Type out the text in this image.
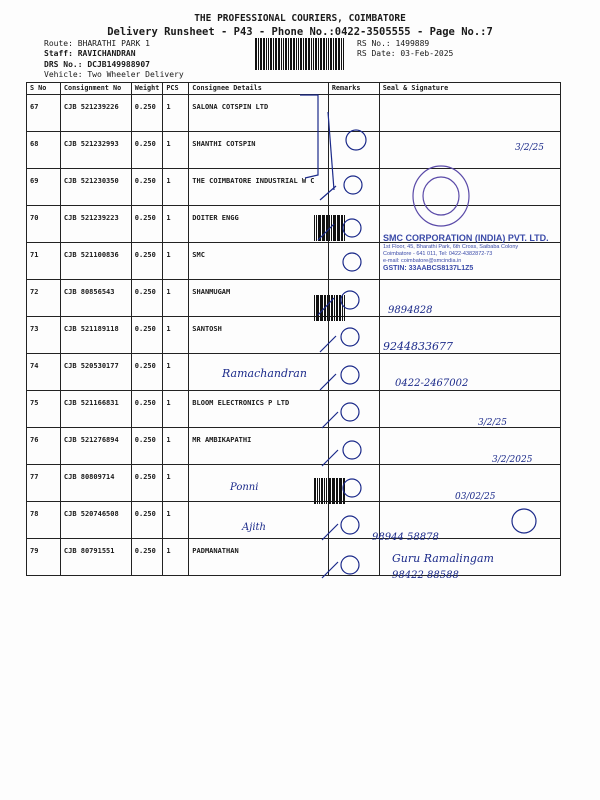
THE PROFESSIONAL COURIERS, COIMBATORE
Delivery Runsheet - P43 - Phone No.:0422-3505555 - Page No.:7
Route: BHARATHI PARK 1
Staff: RAVICHANDRAN
DRS No.: DCJB149988907
Vehicle: Two Wheeler Delivery
RS No.: 1499889
RS Date: 03-Feb-2025
S No	Consignment No	Weight	PCS	Consignee Details	Remarks	Seal & Signature
67	CJB 521239226	0.250	1	SALONA COTSPIN LTD		
68	CJB 521232993	0.250	1	SHANTHI COTSPIN		
69	CJB 521230350	0.250	1	THE COIMBATORE INDUSTRIAL W C		
70	CJB 521239223	0.250	1	DOITER ENGG		
71	CJB 521100836	0.250	1	SMC		
72	CJB 80856543	0.250	1	SHANMUGAM		
73	CJB 521189118	0.250	1	SANTOSH		
74	CJB 520530177	0.250	1			
75	CJB 521166831	0.250	1	BLOOM ELECTRONICS P LTD		
76	CJB 521276894	0.250	1	MR AMBIKAPATHI		
77	CJB 80809714	0.250	1			
78	CJB 520746508	0.250	1			
79	CJB 80791551	0.250	1	PADMANATHAN		
Ramachandran
Ponni
Ajith
9244833677
0422-2467002
9894828
98944 58878
Guru Ramalingam
98422 88588
3/2/25
3/2/2025
03/02/25
3/2/25
SMC CORPORATION (INDIA) PVT. LTD.
1st Floor, 45, Bharathi Park, 6th Cross, Saibaba Colony
Coimbatore - 641 011, Tel: 0422-4382872-73
e-mail: coimbatore@smcindia.in
GSTIN: 33AABCS8137L1Z5
